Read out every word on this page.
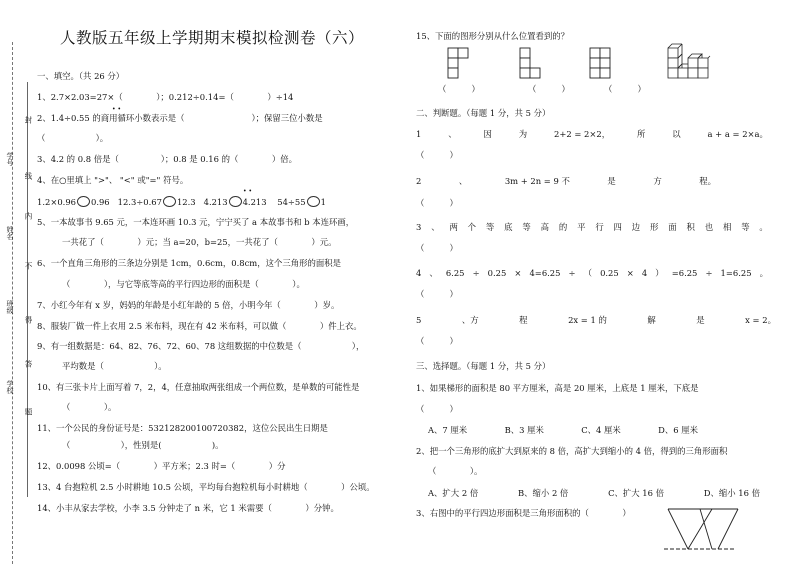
封
线
内
不
得
答
题
学号
姓名
班级
学校
人教版五年级上学期期末模拟检测卷（六）
一、填空。（共 26 分）
1、2.7×2.03=27×（　　　　）；0.212÷0.14=（　　　　）÷14
2、1.4÷0.55 的商用循环小数表示是（　　　　　　　　）；保留三位小数是
（　　　　　　）。
• •
3、4.2 的 0.8 倍是（　　　　　）；0.8 是 0.16 的（　　　　）倍。
4、在○里填上 ">"、 "<" 或"=" 符号。
1.2×0.96 0.96 12.3÷0.67 12.3 4.213 4.213 54÷55 1
• •
5、一本故事书 9.65 元，一本连环画 10.3 元，宁宁买了 a 本故事书和 b 本连环画，
一共花了（　　　　）元；当 a=20，b=25，一共花了（　　　　）元。
6、一个直角三角形的三条边分别是 1cm，0.6cm，0.8cm，这个三角形的面积是
（　　　　），与它等底等高的平行四边形的面积是（　　　　）。
7、小红今年有 x 岁，妈妈的年龄是小红年龄的 5 倍，小明今年（　　　　）岁。
8、服装厂做一件上衣用 2.5 米布料，现在有 42 米布料，可以做（　　　　）件上衣。
9、有一组数据是：64、82、76、72、60、78 这组数据的中位数是（　　　　　　），
平均数是（　　　　　　）。
10、有三张卡片上面写着 7，2，4，任意抽取两张组成一个两位数，是单数的可能性是
（　　　　）。
11、一个公民的身份证号是：532128200100720382，这位公民出生日期是
（　　　　　　），性别是(　　　　　　)。
12、0.0098 公顷=（　　　　）平方米；2.3 时=（　　　　）分
13、4 台抱粒机 2.5 小时耕地 10.5 公顷，平均每台抱粒机每小时耕地（　　　　）公顷。
14、小丰从家去学校，小李 3.5 分钟走了 n 米，它 1 米需要（　　　　）分钟。
15、下面的图形分别从什么位置看到的？
（　　　）	（　　　）	（　　　）
二、判断题。（每题 1 分，共 5 分）
1	、	因	为	2+2 = 2×2，	所	以	a + a = 2×a。
（　　　）
2	、	3m + 2n = 9 不	是	方	程。
（　　　）
3 、 两 个 等 底 等 高 的 平 行 四 边 形 面 积 也 相 等 。
（　　　）
4 、 6.25 ÷ 0.25 × 4=6.25 ÷ （ 0.25 × 4 ） =6.25 ÷ 1=6.25 。
（　　　）
5	、方	程	2x = 1 的	解	是	x = 2。
（　　　）
三、选择题。（每题 1 分，共 5 分）
1、如果梯形的面积是 80 平方厘米，高是 20 厘米，上底是 1 厘米，下底是
（　　　）
A、7 厘米	B、3 厘米	C、4 厘米	D、6 厘米
2、把一个三角形的底扩大到原来的 8 倍，高扩大到缩小的 4 倍，得到的三角形面积
（　　　　）。
A、扩大 2 倍	B、缩小 2 倍	C、扩大 16 倍	D、缩小 16 倍
3、右图中的平行四边形面积是三角形面积的（　　　　）
